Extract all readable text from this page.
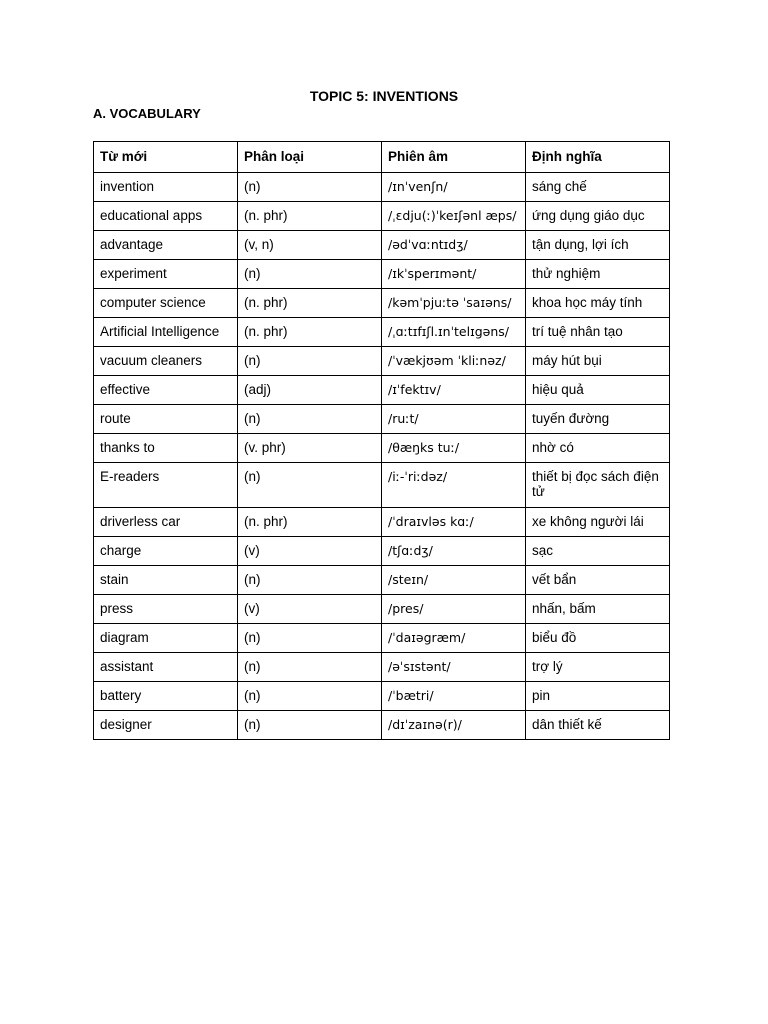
TOPIC 5: INVENTIONS
A. VOCABULARY
Từ mới	Phân loại	Phiên âm	Định nghĩa
invention	(n)	/ɪnˈvenʃn/	sáng chế
educational apps	(n. phr)	/ˌɛdju(ː)ˈkeɪʃənl æps/	ứng dụng giáo dục
advantage	(v, n)	/ədˈvɑːntɪdʒ/	tận dụng, lợi ích
experiment	(n)	/ɪkˈsperɪmənt/	thử nghiệm
computer science	(n. phr)	/kəmˈpjuːtə ˈsaɪəns/	khoa học máy tính
Artificial Intelligence	(n. phr)	/ˌɑːtɪfɪʃl.ɪnˈtelɪgəns/	trí tuệ nhân tạo
vacuum cleaners	(n)	/ˈvækjʊəm ˈkliːnəz/	máy hút bụi
effective	(adj)	/ɪˈfektɪv/	hiệu quả
route	(n)	/ruːt/	tuyến đường
thanks to	(v. phr)	/θæŋks tuː/	nhờ có
E-readers	(n)	/iː-ˈriːdəz/	thiết bị đọc sách điện tử
driverless car	(n. phr)	/ˈdraɪvləs kɑː/	xe không người lái
charge	(v)	/tʃɑːdʒ/	sạc
stain	(n)	/steɪn/	vết bẩn
press	(v)	/pres/	nhấn, bấm
diagram	(n)	/ˈdaɪəgræm/	biểu đồ
assistant	(n)	/əˈsɪstənt/	trợ lý
battery	(n)	/ˈbætri/	pin
designer	(n)	/dɪˈzaɪnə(r)/	dân thiết kế
